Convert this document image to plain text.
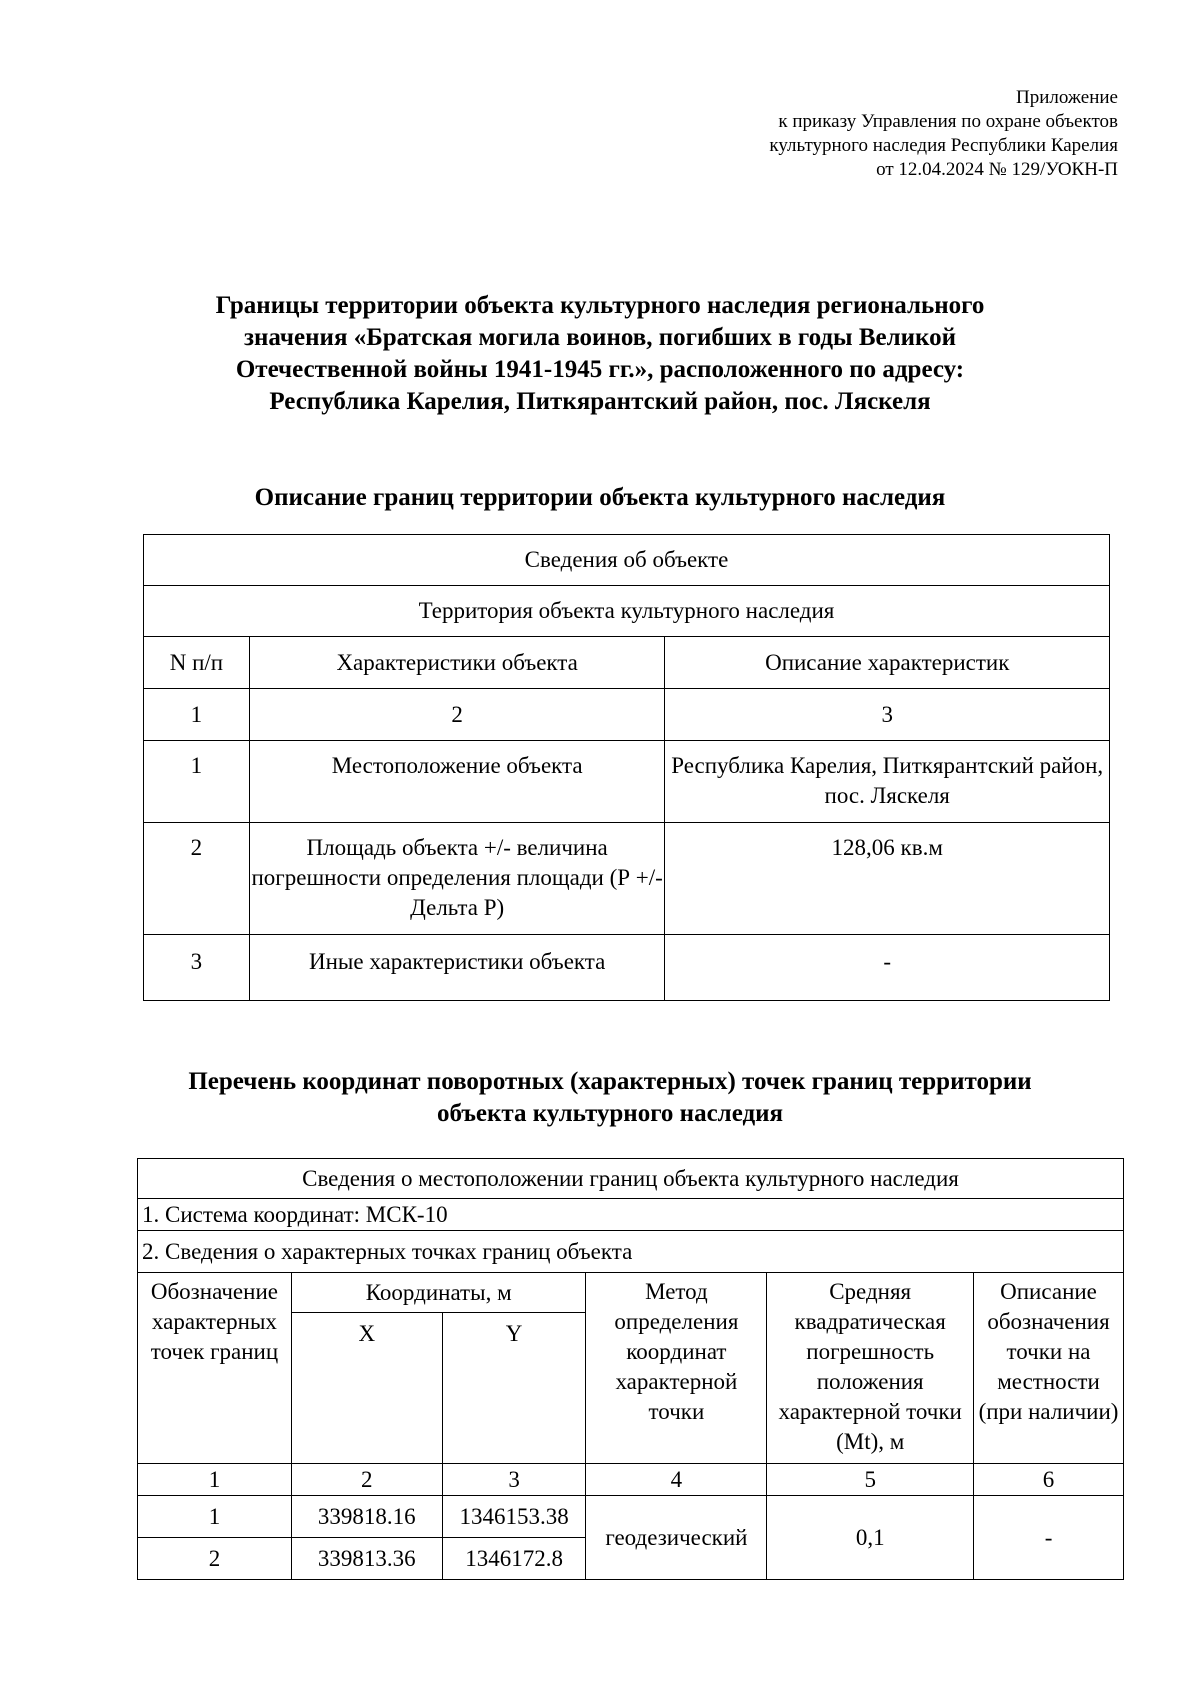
Приложение
к приказу Управления по охране объектов
культурного наследия Республики Карелия
от 12.04.2024 № 129/УОКН-П
Границы территории объекта культурного наследия регионального
значения «Братская могила воинов, погибших в годы Великой
Отечественной войны 1941-1945 гг.», расположенного по адресу:
Республика Карелия, Питкярантский район, пос. Ляскеля
Описание границ территории объекта культурного наследия
Сведения об объекте		
Территория объекта культурного наследия		
N п/п	Характеристики объекта	Описание характеристик
1	2	3
1	Местоположение объекта	Республика Карелия, Питкярантский район, пос. Ляскеля
2	Площадь объекта +/- величина погрешности определения площади (Р +/- Дельта Р)	128,06 кв.м
3	Иные характеристики объекта	-
Перечень координат поворотных (характерных) точек границ территории
объекта культурного наследия
Сведения о местоположении границ объекта культурного наследия					
1. Система координат: МСК-10					
2. Сведения о характерных точках границ объекта					
Обозначение характерных точек границ	Координаты, м		Метод определения координат характерной точки	Средняя квадратическая погрешность положения характерной точки (Mt), м	Описание обозначения точки на местности (при наличии)
	X	Y			
1	2	3	4	5	6
1	339818.16	1346153.38	геодезический	0,1	-
2	339813.36	1346172.8			
